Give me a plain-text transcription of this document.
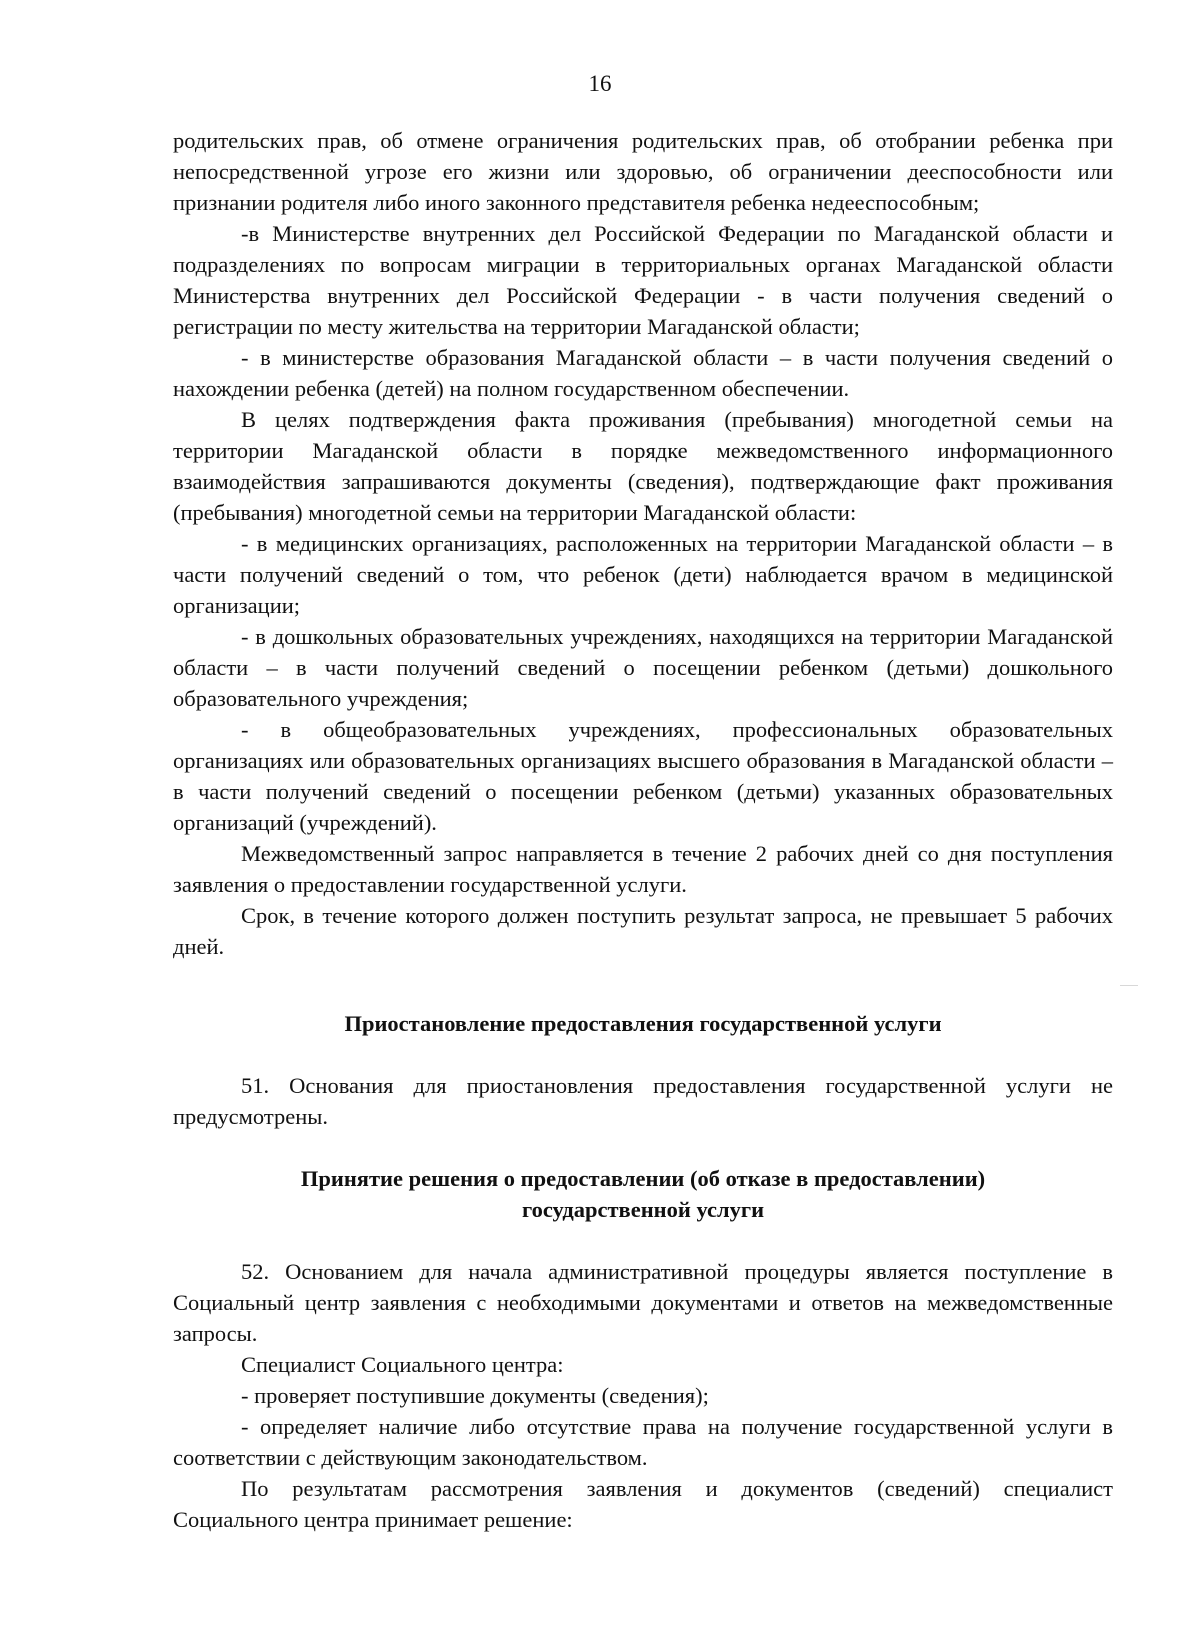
16

родительских прав, об отмене ограничения родительских прав, об отобрании ребенка при непосредственной угрозе его жизни или здоровью, об ограничении дееспособности или признании родителя либо иного законного представителя ребенка недееспособным;

-в Министерстве внутренних дел Российской Федерации по Магаданской области и подразделениях по вопросам миграции в территориальных органах Магаданской области Министерства внутренних дел Российской Федерации - в части получения сведений о регистрации по месту жительства на территории Магаданской области;

- в министерстве образования Магаданской области – в части получения сведений о нахождении ребенка (детей) на полном государственном обеспечении.

В целях подтверждения факта проживания (пребывания) многодетной семьи на территории Магаданской области в порядке межведомственного информационного взаимодействия запрашиваются документы (сведения), подтверждающие факт проживания (пребывания) многодетной семьи на территории Магаданской области:

- в медицинских организациях, расположенных на территории Магаданской области – в части получений сведений о том, что ребенок (дети) наблюдается врачом в медицинской организации;

- в дошкольных образовательных учреждениях, находящихся на территории Магаданской области – в части получений сведений о посещении ребенком (детьми) дошкольного образовательного учреждения;

- в общеобразовательных учреждениях, профессиональных образовательных организациях или образовательных организациях высшего образования в Магаданской области – в части получений сведений о посещении ребенком (детьми) указанных образовательных организаций (учреждений).

Межведомственный запрос направляется в течение 2 рабочих дней со дня поступления заявления о предоставлении государственной услуги.

Срок, в течение которого должен поступить результат запроса, не превышает 5 рабочих дней.

Приостановление предоставления государственной услуги

51. Основания для приостановления предоставления государственной услуги не предусмотрены.

Принятие решения о предоставлении (об отказе в предоставлении)
государственной услуги

52. Основанием для начала административной процедуры является поступление в Социальный центр заявления с необходимыми документами и ответов на межведомственные запросы.

Специалист Социального центра:

- проверяет поступившие документы (сведения);

- определяет наличие либо отсутствие права на получение государственной услуги в соответствии с действующим законодательством.

По результатам рассмотрения заявления и документов (сведений) специалист Социального центра принимает решение:
